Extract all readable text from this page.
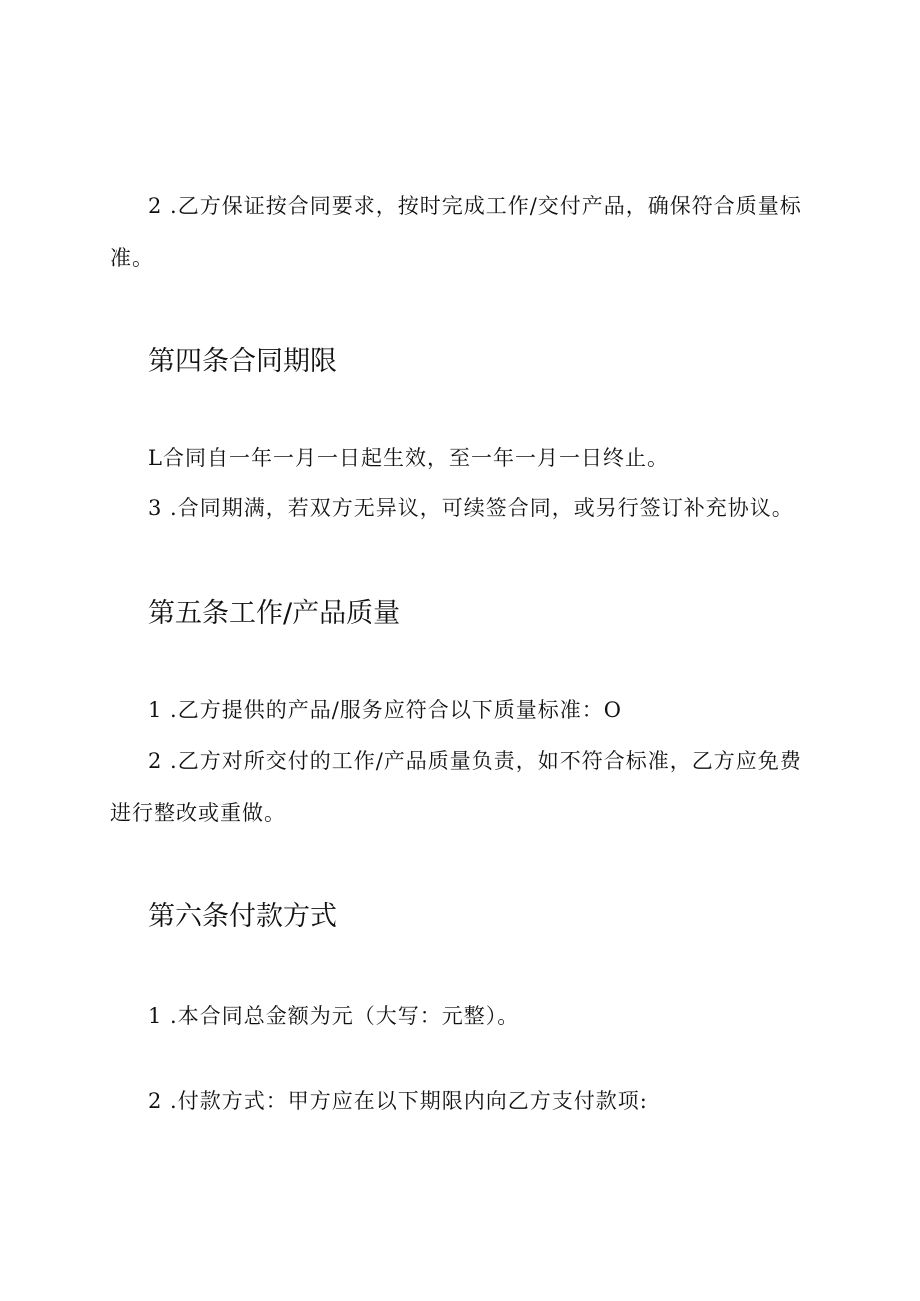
2 .乙方保证按合同要求，按时完成工作/交付产品，确保符合质量标
准。
第四条合同期限
L合同自一年一月一日起生效，至一年一月一日终止。
3 .合同期满，若双方无异议，可续签合同，或另行签订补充协议。
第五条工作/产品质量
1 .乙方提供的产品/服务应符合以下质量标准：O
2 .乙方对所交付的工作/产品质量负责，如不符合标准，乙方应免费
进行整改或重做。
第六条付款方式
1 .本合同总金额为元（大写：元整）。
2 .付款方式：甲方应在以下期限内向乙方支付款项:
